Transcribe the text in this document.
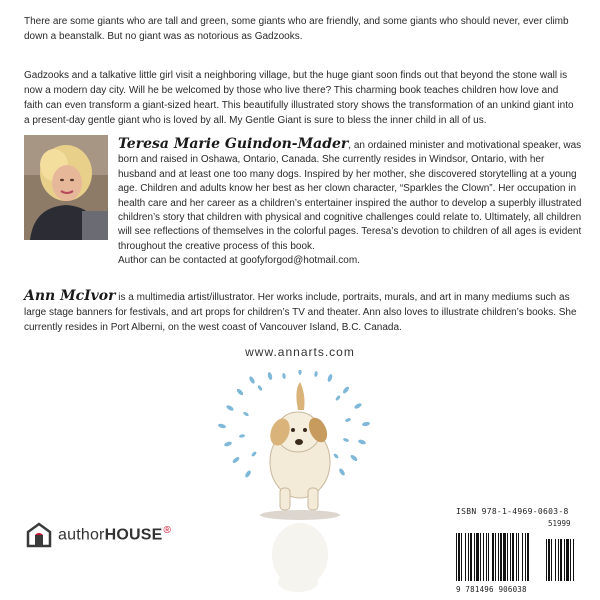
There are some giants who are tall and green, some giants who are friendly, and some giants who should never, ever climb down a beanstalk. But no giant was as notorious as Gadzooks.

Gadzooks and a talkative little girl visit a neighboring village, but the huge giant soon finds out that beyond the stone wall is now a modern day city. Will he be welcomed by those who live there? This charming book teaches children how love and faith can even transform a giant-sized heart. This beautifully illustrated story shows the transformation of an unkind giant into a present-day gentle giant who is loved by all. My Gentle Giant is sure to bless the inner child in all of us.

Teresa Marie Guindon-Mader, an ordained minister and motivational speaker, was born and raised in Oshawa, Ontario, Canada. She currently resides in Windsor, Ontario, with her husband and at least one too many dogs. Inspired by her mother, she discovered storytelling at a young age. Children and adults know her best as her clown character, “Sparkles the Clown”. Her occupation in health care and her career as a children’s entertainer inspired the author to develop a superbly illustrated children’s story that children with physical and cognitive challenges could relate to. Ultimately, all children will see reflections of themselves in the colorful pages. Teresa’s devotion to children of all ages is evident throughout the creative process of this book.
Author can be contacted at goofyforgod@hotmail.com.

Ann McIvor is a multimedia artist/illustrator. Her works include, portraits, murals, and art in many mediums such as large stage banners for festivals, and art props for children’s TV and theater. Ann also loves to illustrate children’s books. She currently resides in Port Alberni, on the west coast of Vancouver Island, B.C. Canada.

www.annarts.com
authorHOUSE®
ISBN 978-1-4969-0603-8
51999
9 781496 906038
